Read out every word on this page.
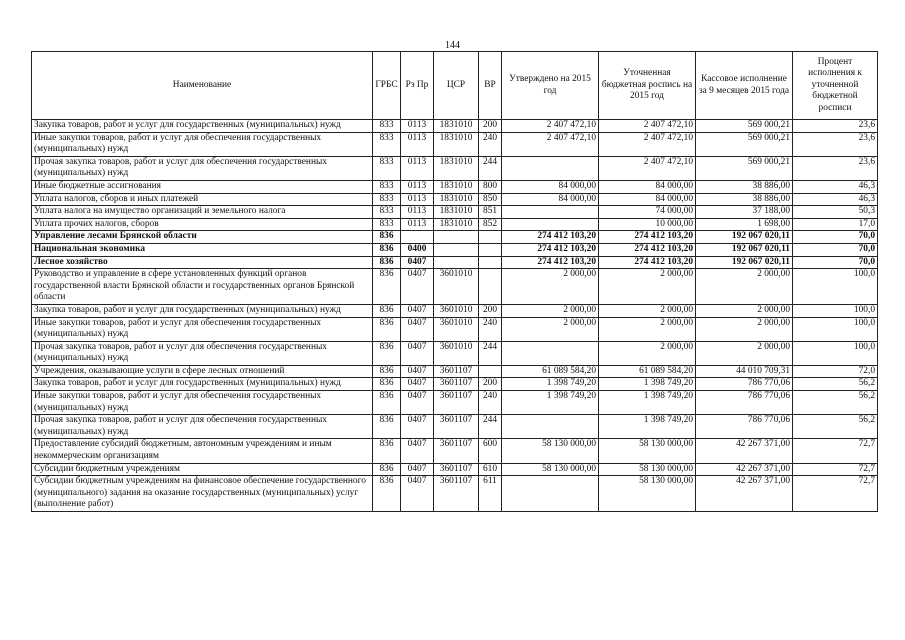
144
Наименование	ГРБС	Рз Пр	ЦСР	ВР	Утверждено на 2015 год	Уточненная бюджетная роспись на 2015 год	Кассовое исполнение за 9 месяцев 2015 года	Процент исполнения к уточненной бюджетной росписи
Закупка товаров, работ и услуг для государственных (муниципальных) нужд	833	0113	1831010	200	2 407 472,10	2 407 472,10	569 000,21	23,6
Иные закупки товаров, работ и услуг для обеспечения государственных (муниципальных) нужд	833	0113	1831010	240	2 407 472,10	2 407 472,10	569 000,21	23,6
Прочая закупка товаров, работ и услуг для обеспечения государственных (муниципальных) нужд	833	0113	1831010	244		2 407 472,10	569 000,21	23,6
Иные бюджетные ассигнования	833	0113	1831010	800	84 000,00	84 000,00	38 886,00	46,3
Уплата налогов, сборов и иных платежей	833	0113	1831010	850	84 000,00	84 000,00	38 886,00	46,3
Уплата налога на имущество организаций и земельного налога	833	0113	1831010	851		74 000,00	37 188,00	50,3
Уплата прочих налогов, сборов	833	0113	1831010	852		10 000,00	1 698,00	17,0
Управление лесами Брянской области	836				274 412 103,20	274 412 103,20	192 067 020,11	70,0
Национальная экономика	836	0400			274 412 103,20	274 412 103,20	192 067 020,11	70,0
Лесное хозяйство	836	0407			274 412 103,20	274 412 103,20	192 067 020,11	70,0
Руководство и управление в сфере установленных функций органов государственной власти Брянской области и государственных органов Брянской области	836	0407	3601010		2 000,00	2 000,00	2 000,00	100,0
Закупка товаров, работ и услуг для государственных (муниципальных) нужд	836	0407	3601010	200	2 000,00	2 000,00	2 000,00	100,0
Иные закупки товаров, работ и услуг для обеспечения государственных (муниципальных) нужд	836	0407	3601010	240	2 000,00	2 000,00	2 000,00	100,0
Прочая закупка товаров, работ и услуг для обеспечения государственных (муниципальных) нужд	836	0407	3601010	244		2 000,00	2 000,00	100,0
Учреждения, оказывающие услуги в сфере лесных отношений	836	0407	3601107		61 089 584,20	61 089 584,20	44 010 709,31	72,0
Закупка товаров, работ и услуг для государственных (муниципальных) нужд	836	0407	3601107	200	1 398 749,20	1 398 749,20	786 770,06	56,2
Иные закупки товаров, работ и услуг для обеспечения государственных (муниципальных) нужд	836	0407	3601107	240	1 398 749,20	1 398 749,20	786 770,06	56,2
Прочая закупка товаров, работ и услуг для обеспечения государственных (муниципальных) нужд	836	0407	3601107	244		1 398 749,20	786 770,06	56,2
Предоставление субсидий бюджетным, автономным учреждениям и иным некоммерческим организациям	836	0407	3601107	600	58 130 000,00	58 130 000,00	42 267 371,00	72,7
Субсидии бюджетным учреждениям	836	0407	3601107	610	58 130 000,00	58 130 000,00	42 267 371,00	72,7
Субсидии бюджетным учреждениям на финансовое обеспечение государственного (муниципального) задания на оказание государственных (муниципальных) услуг (выполнение работ)	836	0407	3601107	611		58 130 000,00	42 267 371,00	72,7
